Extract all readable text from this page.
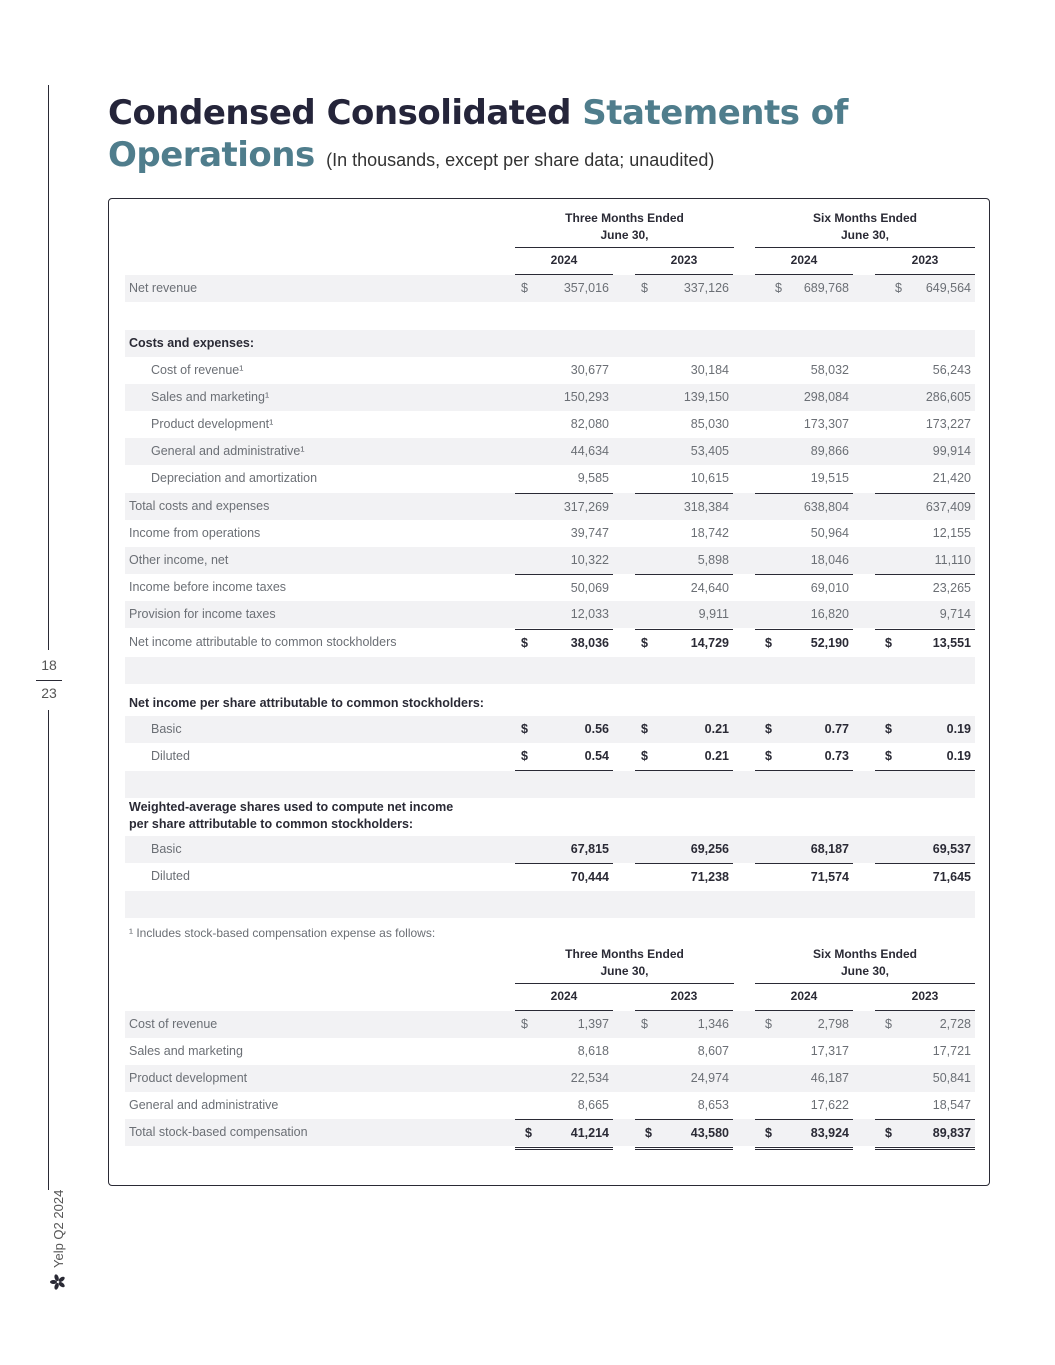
18
23
Yelp Q2 2024
Condensed Consolidated Statements of Operations (In thousands, except per share data; unaudited)
Three Months Ended
June 30,
Six Months Ended
June 30,
2024	2023	2024	2023
Net revenue	$	357,016	$	337,126	$ 689,768	$ 649,564
Costs and expenses:
Cost of revenue¹	30,677	30,184	58,032	56,243
Sales and marketing¹	150,293	139,150	298,084	286,605
Product development¹	82,080	85,030	173,307	173,227
General and administrative¹	44,634	53,405	89,866	99,914
Depreciation and amortization	9,585	10,615	19,515	21,420
Total costs and expenses	317,269	318,384	638,804	637,409
Income from operations	39,747	18,742	50,964	12,155
Other income, net	10,322	5,898	18,046	11,110
Income before income taxes	50,069	24,640	69,010	23,265
Provision for income taxes	12,033	9,911	16,820	9,714
Net income attributable to common stockholders	$	38,036	$	14,729	$	52,190	$	13,551
Net income per share attributable to common stockholders:
Basic	$	0.56	$	0.21	$	0.77	$	0.19
Diluted	$	0.54	$	0.21	$	0.73	$	0.19
Weighted-average shares used to compute net income
per share attributable to common stockholders:
Basic	67,815	69,256	68,187	69,537
Diluted	70,444	71,238	71,574	71,645
¹ Includes stock-based compensation expense as follows:
Three Months Ended
June 30,
Six Months Ended
June 30,
2024	2023	2024	2023
Cost of revenue	$	1,397	$	1,346	$	2,798	$	2,728
Sales and marketing	8,618	8,607	17,317	17,721
Product development	22,534	24,974	46,187	50,841
General and administrative	8,665	8,653	17,622	18,547
Total stock-based compensation	$	41,214	$	43,580	$	83,924	$	89,837
